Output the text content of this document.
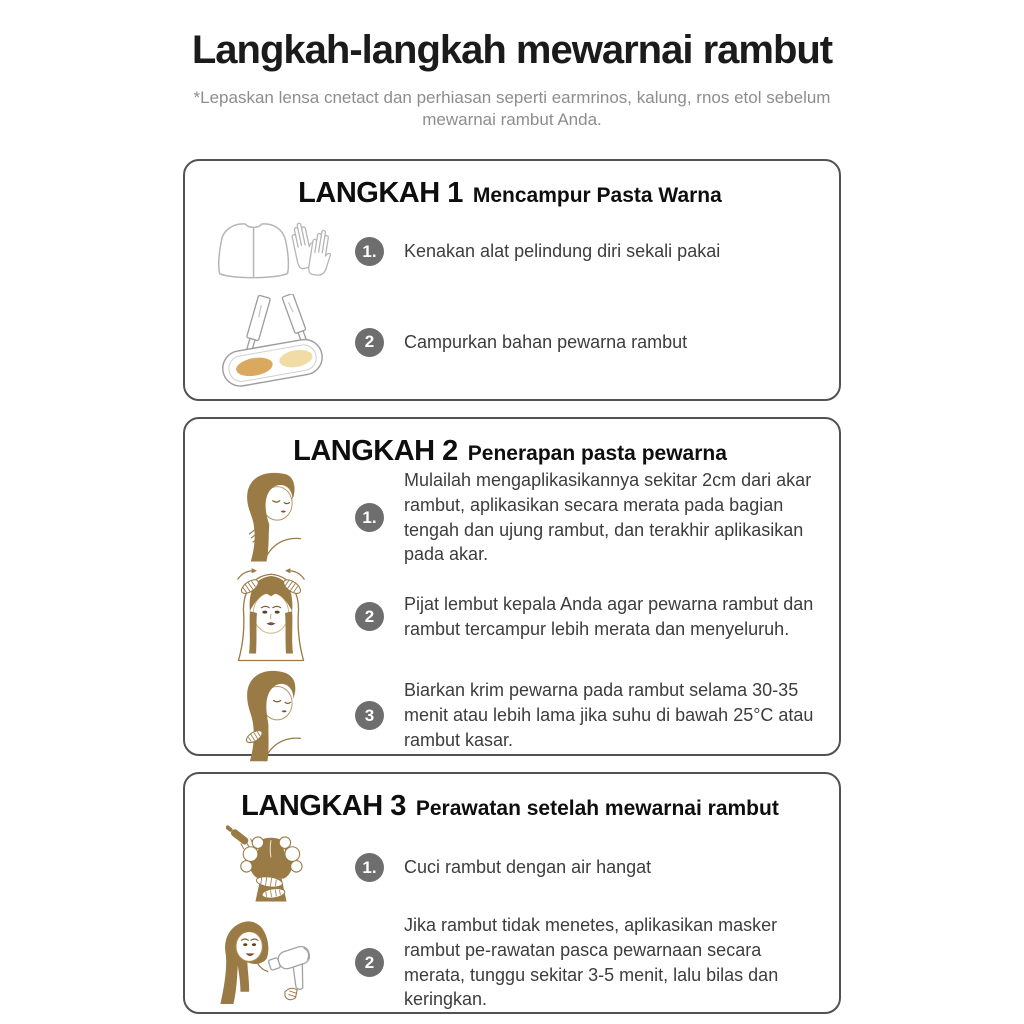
Langkah-langkah mewarnai rambut

*Lepaskan lensa cnetact dan perhiasan seperti earmrinos, kalung, rnos etol sebelum mewarnai rambut Anda.

LANGKAH 1 Mencampur Pasta Warna
1.	Kenakan alat pelindung diri sekali pakai
2	Campurkan bahan pewarna rambut
LANGKAH 2 Penerapan pasta pewarna
1.
Mulailah mengaplikasikannya sekitar 2cm dari akar rambut, aplikasikan secara merata pada bagian tengah dan ujung rambut, dan terakhir aplikasikan pada akar.
2
Pijat lembut kepala Anda agar pewarna rambut dan rambut tercampur lebih merata dan menyeluruh.
3
Biarkan krim pewarna pada rambut selama 30-35 menit atau lebih lama jika suhu di bawah 25°C atau rambut kasar.
LANGKAH 3 Perawatan setelah mewarnai rambut
1.	Cuci rambut dengan air hangat
2
Jika rambut tidak menetes, aplikasikan masker rambut pe-rawatan pasca pewarnaan secara merata, tunggu sekitar 3-5 menit, lalu bilas dan keringkan.
